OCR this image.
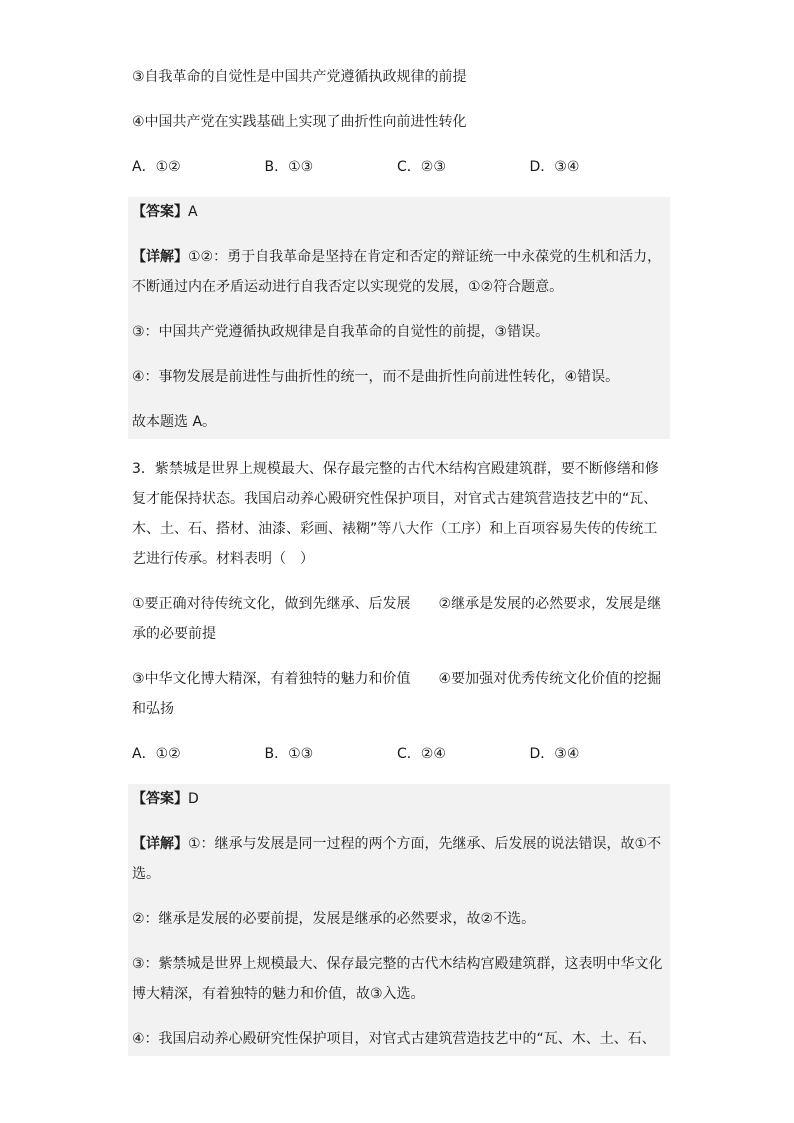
③自我革命的自觉性是中国共产党遵循执政规律的前提
④中国共产党在实践基础上实现了曲折性向前进性转化
A．①②	B．①③	C．②③	D．③④
【答案】A
【详解】①②：勇于自我革命是坚持在肯定和否定的辩证统一中永葆党的生机和活力，不断通过内在矛盾运动进行自我否定以实现党的发展，①②符合题意。
③：中国共产党遵循执政规律是自我革命的自觉性的前提，③错误。
④：事物发展是前进性与曲折性的统一，而不是曲折性向前进性转化，④错误。
故本题选 A。
3．紫禁城是世界上规模最大、保存最完整的古代木结构宫殿建筑群，要不断修缮和修复才能保持状态。我国启动养心殿研究性保护项目，对官式古建筑营造技艺中的“瓦、木、土、石、搭材、油漆、彩画、裱糊”等八大作（工序）和上百项容易失传的传统工艺进行传承。材料表明（　）
①要正确对待传统文化，做到先继承、后发展　　②继承是发展的必然要求，发展是继承的必要前提
③中华文化博大精深，有着独特的魅力和价值　　④要加强对优秀传统文化价值的挖掘和弘扬
A．①②	B．①③	C．②④	D．③④
【答案】D
【详解】①：继承与发展是同一过程的两个方面，先继承、后发展的说法错误，故①不选。
②：继承是发展的必要前提，发展是继承的必然要求，故②不选。
③：紫禁城是世界上规模最大、保存最完整的古代木结构宫殿建筑群，这表明中华文化博大精深，有着独特的魅力和价值，故③入选。
④：我国启动养心殿研究性保护项目，对官式古建筑营造技艺中的“瓦、木、土、石、
